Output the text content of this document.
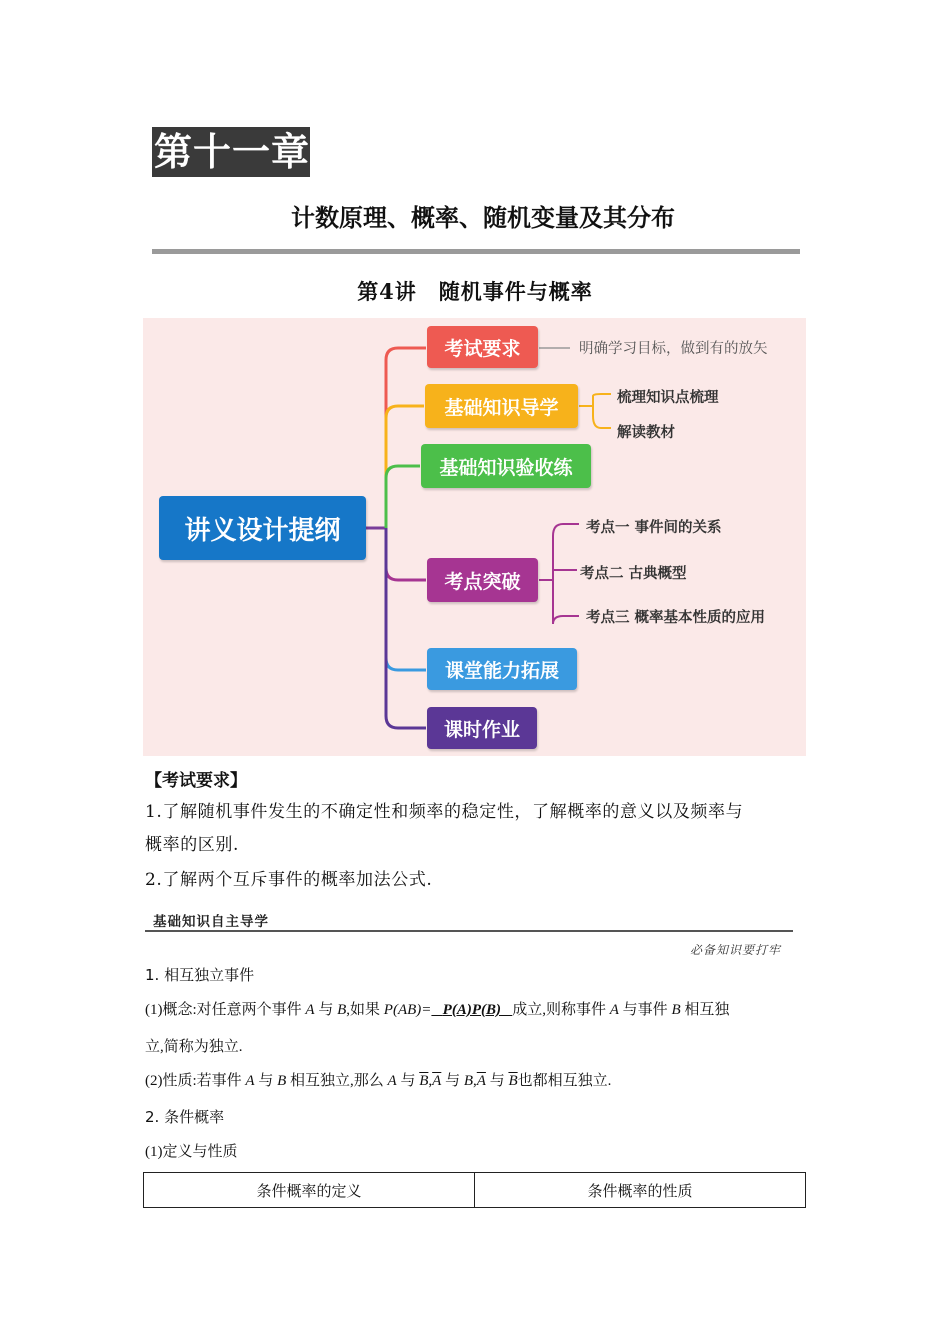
第十一章
计数原理、概率、随机变量及其分布
第4讲　随机事件与概率
讲义设计提纲
考试要求	明确学习目标，做到有的放矢
基础知识导学	梳理知识点梳理
解读教材
基础知识验收练
考点突破
考点一 事件间的关系
考点二 古典概型
考点三 概率基本性质的应用
课堂能力拓展
课时作业
【考试要求】
1.了解随机事件发生的不确定性和频率的稳定性，了解概率的意义以及频率与
概率的区别.
2.了解两个互斥事件的概率加法公式.
基础知识自主导学
必备知识要打牢
1. 相互独立事件
(1)概念:对任意两个事件 A 与 B,如果 P(AB)= P(A)P(B) 成立,则称事件 A 与事件 B 相互独
立,简称为独立.
(2)性质:若事件 A 与 B 相互独立,那么 A 与 $\overline{B},\overline{A}$ 与 $B,\overline{A}$ 与 $\overline{B}$也都相互独立.
2. 条件概率
(1)定义与性质
条件概率的定义	条件概率的性质
